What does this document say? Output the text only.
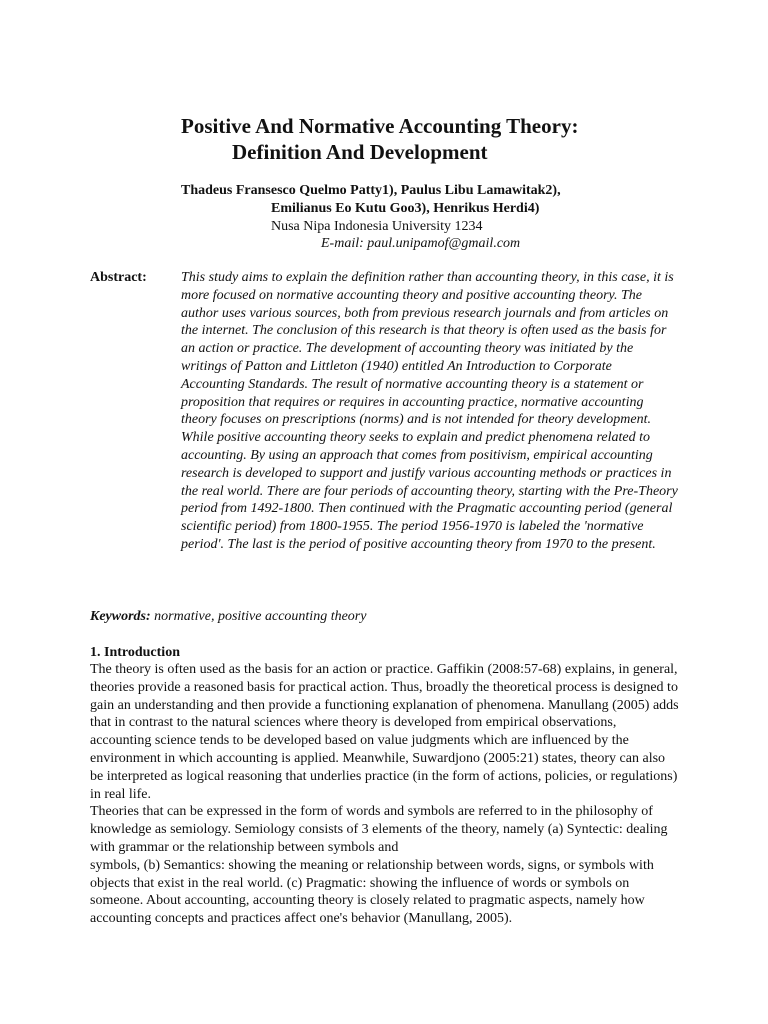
Positive And Normative Accounting Theory:
Definition And Development
Thadeus Fransesco Quelmo Patty1), Paulus Libu Lamawitak2),
Emilianus Eo Kutu Goo3), Henrikus Herdi4)
Nusa Nipa Indonesia University 1234
E-mail: paul.unipamof@gmail.com
Abstract: This study aims to explain the definition rather than accounting theory, in this case, it is more focused on normative accounting theory and positive accounting theory. The author uses various sources, both from previous research journals and from articles on the internet. The conclusion of this research is that theory is often used as the basis for an action or practice. The development of accounting theory was initiated by the writings of Patton and Littleton (1940) entitled An Introduction to Corporate Accounting Standards. The result of normative accounting theory is a statement or proposition that requires or requires in accounting practice, normative accounting theory focuses on prescriptions (norms) and is not intended for theory development. While positive accounting theory seeks to explain and predict phenomena related to accounting. By using an approach that comes from positivism, empirical accounting research is developed to support and justify various accounting methods or practices in the real world. There are four periods of accounting theory, starting with the Pre-Theory period from 1492-1800. Then continued with the Pragmatic accounting period (general scientific period) from 1800-1955. The period 1956-1970 is labeled the 'normative period'. The last is the period of positive accounting theory from 1970 to the present.

Keywords: normative, positive accounting theory

1. Introduction

The theory is often used as the basis for an action or practice. Gaffikin (2008:57-68) explains, in general, theories provide a reasoned basis for practical action. Thus, broadly the theoretical process is designed to gain an understanding and then provide a functioning explanation of phenomena. Manullang (2005) adds that in contrast to the natural sciences where theory is developed from empirical observations, accounting science tends to be developed based on value judgments which are influenced by the environment in which accounting is applied. Meanwhile, Suwardjono (2005:21) states, theory can also be interpreted as logical reasoning that underlies practice (in the form of actions, policies, or regulations) in real life.

Theories that can be expressed in the form of words and symbols are referred to in the philosophy of knowledge as semiology. Semiology consists of 3 elements of the theory, namely (a) Syntectic: dealing with grammar or the relationship between symbols and

symbols, (b) Semantics: showing the meaning or relationship between words, signs, or symbols with objects that exist in the real world. (c) Pragmatic: showing the influence of words or symbols on someone. About accounting, accounting theory is closely related to pragmatic aspects, namely how accounting concepts and practices affect one's behavior (Manullang, 2005).
